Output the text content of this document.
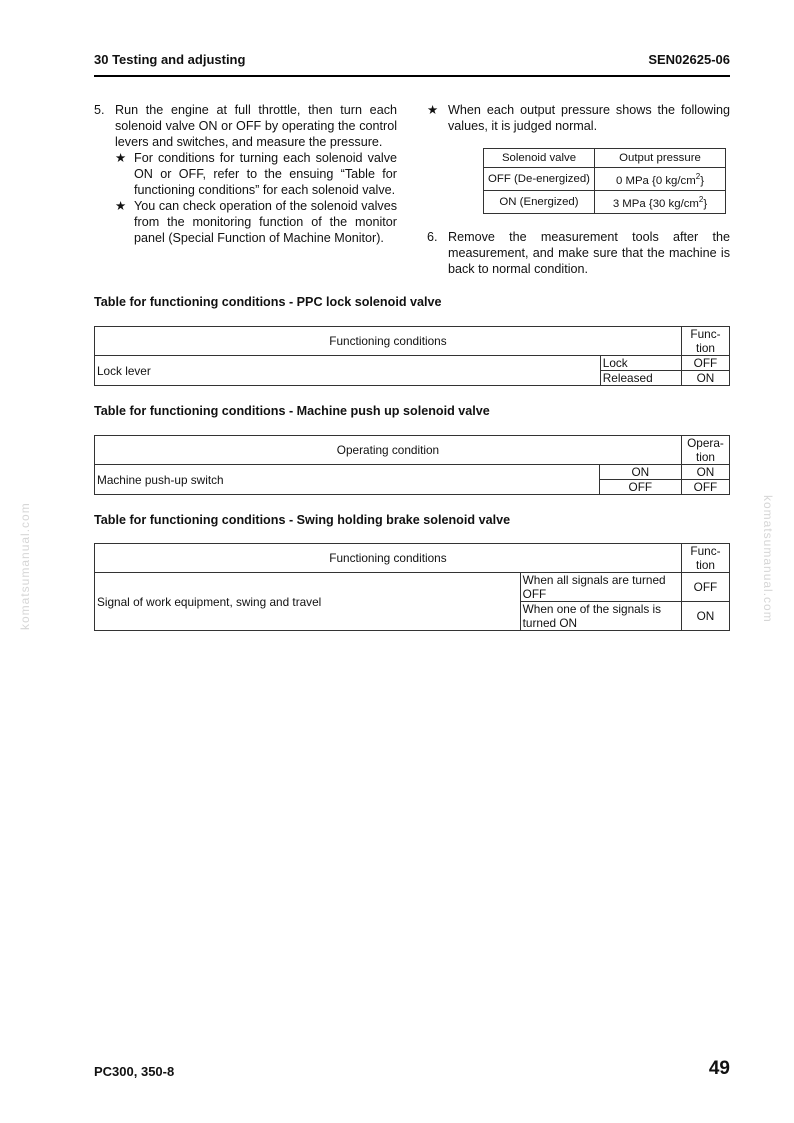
30 Testing and adjusting	SEN02625-06

5. Run the engine at full throttle, then turn each solenoid valve ON or OFF by operating the control levers and switches, and measure the pressure.

★ For conditions for turning each solenoid valve ON or OFF, refer to the ensuing “Table for functioning conditions” for each solenoid valve.

★ You can check operation of the solenoid valves from the monitoring function of the monitor panel (Special Function of Machine Monitor).

★ When each output pressure shows the following values, it is judged normal.

Solenoid valve	Output pressure
OFF (De-energized)	0 MPa {0 $kg/cm^2$}
ON (Energized)	3 MPa {30 $kg/cm^2$}

6. Remove the measurement tools after the measurement, and make sure that the machine is back to normal condition.

Table for functioning conditions - PPC lock solenoid valve
Functioning conditions		Func-
tion
Lock lever	Lock	OFF
	Released	ON
Table for functioning conditions - Machine push up solenoid valve
Operating condition		Opera-
tion
Machine push-up switch	ON	ON
	OFF	OFF
Table for functioning conditions - Swing holding brake solenoid valve
Functioning conditions		Func-
tion
Signal of work equipment, swing and travel	When all signals are turned OFF	OFF
	When one of the signals is turned ON	ON
komatsumanual.com	komatsumanual.com
PC300, 350-8	49
